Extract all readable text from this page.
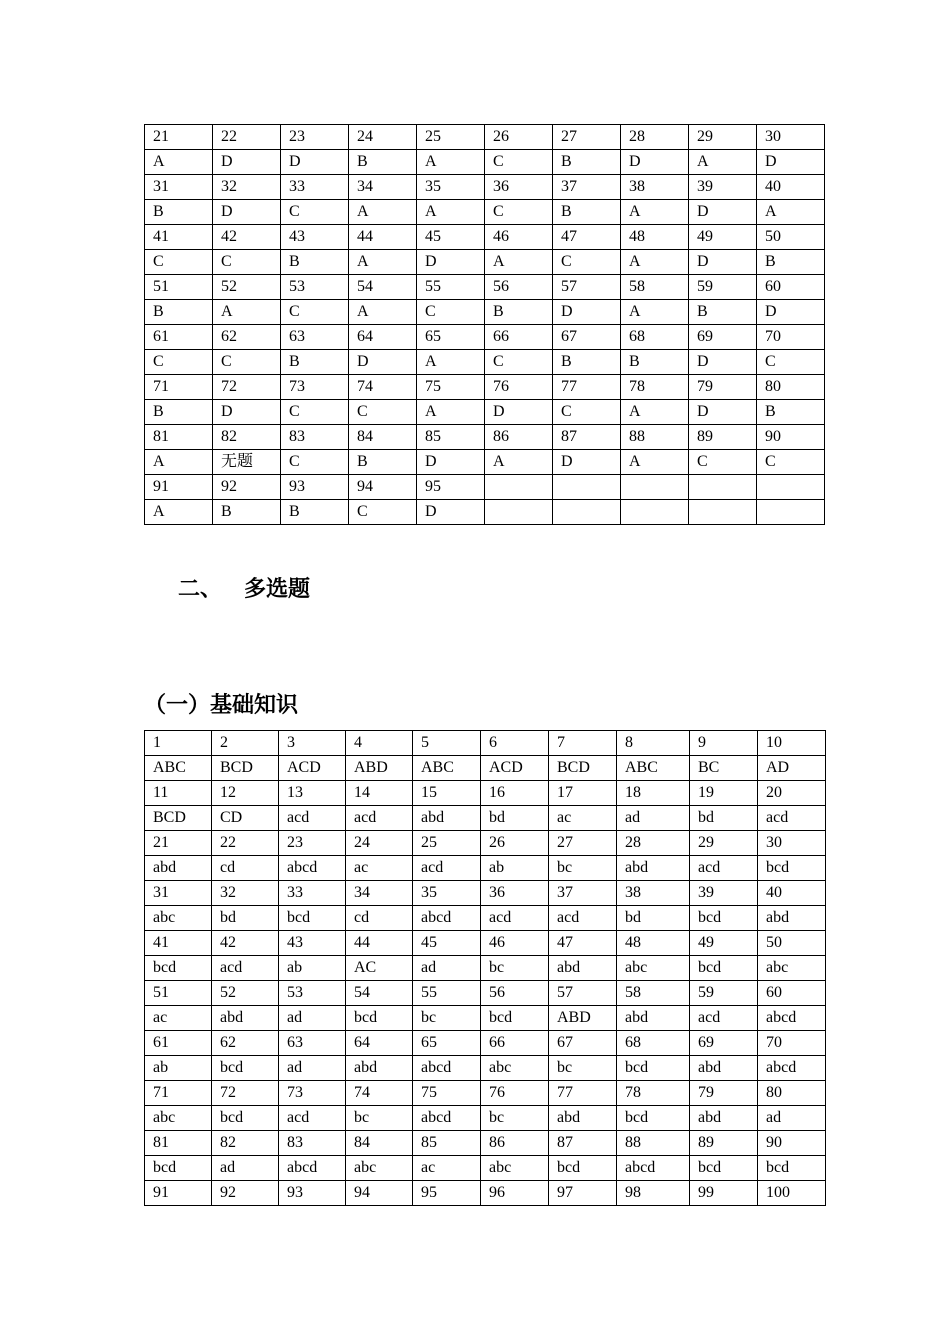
21	22	23	24	25	26	27	28	29	30
A	D	D	B	A	C	B	D	A	D
31	32	33	34	35	36	37	38	39	40
B	D	C	A	A	C	B	A	D	A
41	42	43	44	45	46	47	48	49	50
C	C	B	A	D	A	C	A	D	B
51	52	53	54	55	56	57	58	59	60
B	A	C	A	C	B	D	A	B	D
61	62	63	64	65	66	67	68	69	70
C	C	B	D	A	C	B	B	D	C
71	72	73	74	75	76	77	78	79	80
B	D	C	C	A	D	C	A	D	B
81	82	83	84	85	86	87	88	89	90
A	无题	C	B	D	A	D	A	C	C
91	92	93	94	95					
A	B	B	C	D					
二、 多选题
（一）基础知识
1	2	3	4	5	6	7	8	9	10
ABC	BCD	ACD	ABD	ABC	ACD	BCD	ABC	BC	AD
11	12	13	14	15	16	17	18	19	20
BCD	CD	acd	acd	abd	bd	ac	ad	bd	acd
21	22	23	24	25	26	27	28	29	30
abd	cd	abcd	ac	acd	ab	bc	abd	acd	bcd
31	32	33	34	35	36	37	38	39	40
abc	bd	bcd	cd	abcd	acd	acd	bd	bcd	abd
41	42	43	44	45	46	47	48	49	50
bcd	acd	ab	AC	ad	bc	abd	abc	bcd	abc
51	52	53	54	55	56	57	58	59	60
ac	abd	ad	bcd	bc	bcd	ABD	abd	acd	abcd
61	62	63	64	65	66	67	68	69	70
ab	bcd	ad	abd	abcd	abc	bc	bcd	abd	abcd
71	72	73	74	75	76	77	78	79	80
abc	bcd	acd	bc	abcd	bc	abd	bcd	abd	ad
81	82	83	84	85	86	87	88	89	90
bcd	ad	abcd	abc	ac	abc	bcd	abcd	bcd	bcd
91	92	93	94	95	96	97	98	99	100
